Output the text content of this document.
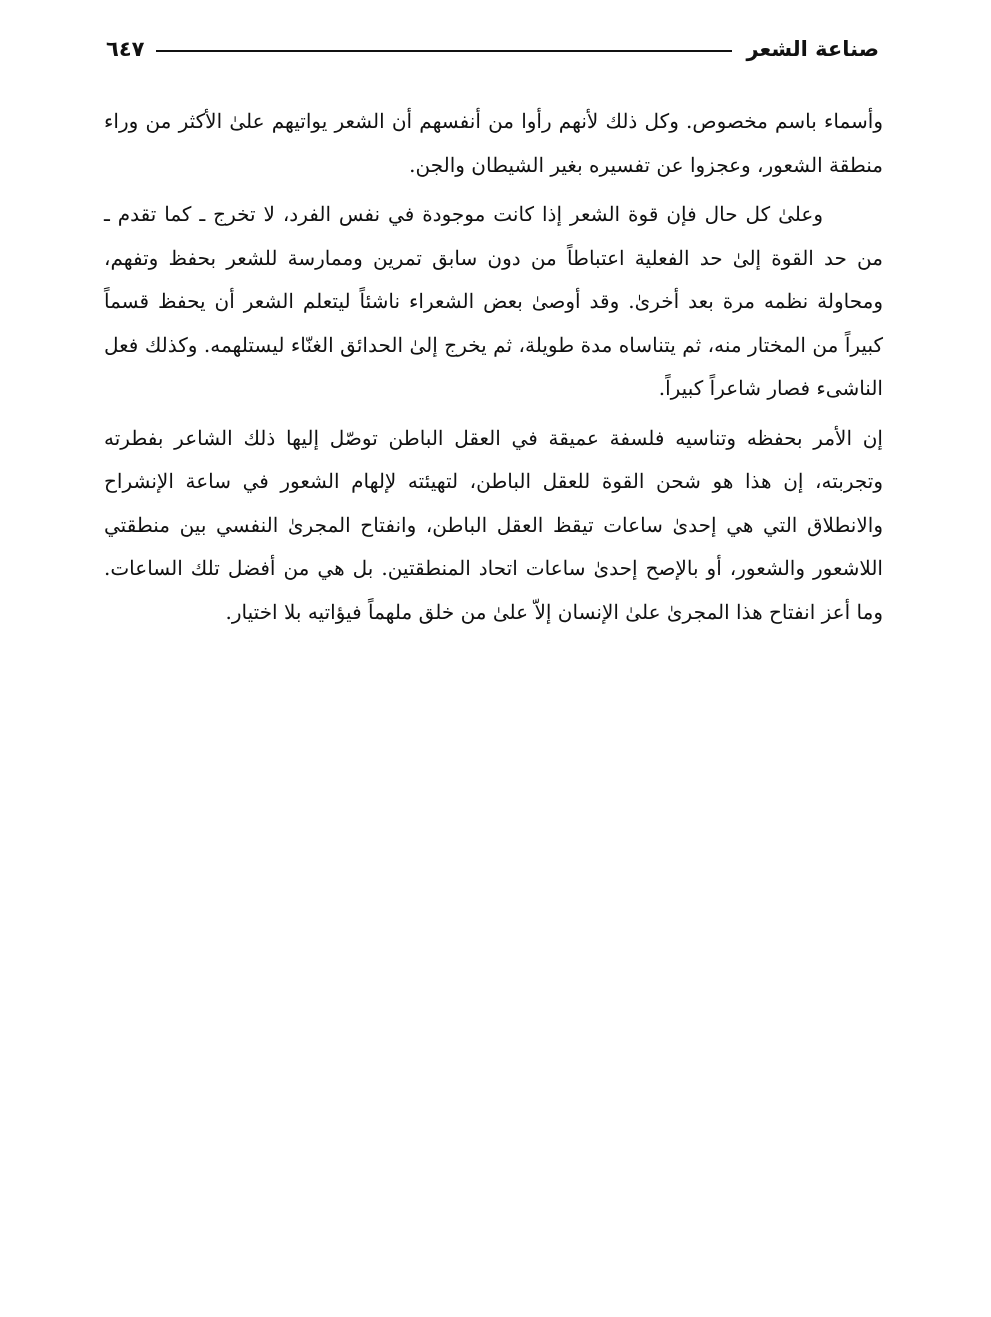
صناعة الشعر
٦٤٧

وأسماء باسم مخصوص. وكل ذلك لأنهم رأوا من أنفسهم أن الشعر يواتيهم علىٰ الأكثر من وراء منطقة الشعور، وعجزوا عن تفسيره بغير الشيطان والجن.

وعلىٰ كل حال فإن قوة الشعر إذا كانت موجودة في نفس الفرد، لا تخرج ـ كما تقدم ـ من حد القوة إلىٰ حد الفعلية اعتباطاً من دون سابق تمرين وممارسة للشعر بحفظ وتفهم، ومحاولة نظمه مرة بعد أخرىٰ. وقد أوصىٰ بعض الشعراء ناشئاً ليتعلم الشعر أن يحفظ قسماً كبيراً من المختار منه، ثم يتناساه مدة طويلة، ثم يخرج إلىٰ الحدائق الغنّاء ليستلهمه. وكذلك فعل الناشىء فصار شاعراً كبيراً.

إن الأمر بحفظه وتناسيه فلسفة عميقة في العقل الباطن توصّل إليها ذلك الشاعر بفطرته وتجربته، إن هذا هو شحن القوة للعقل الباطن، لتهيئته لإلهام الشعور في ساعة الإنشراح والانطلاق التي هي إحدىٰ ساعات تيقظ العقل الباطن، وانفتاح المجرىٰ النفسي بين منطقتي اللاشعور والشعور، أو بالإصح إحدىٰ ساعات اتحاد المنطقتين. بل هي من أفضل تلك الساعات. وما أعز انفتاح هذا المجرىٰ علىٰ الإنسان إلاّ علىٰ من خلق ملهماً فيؤاتيه بلا اختيار.
